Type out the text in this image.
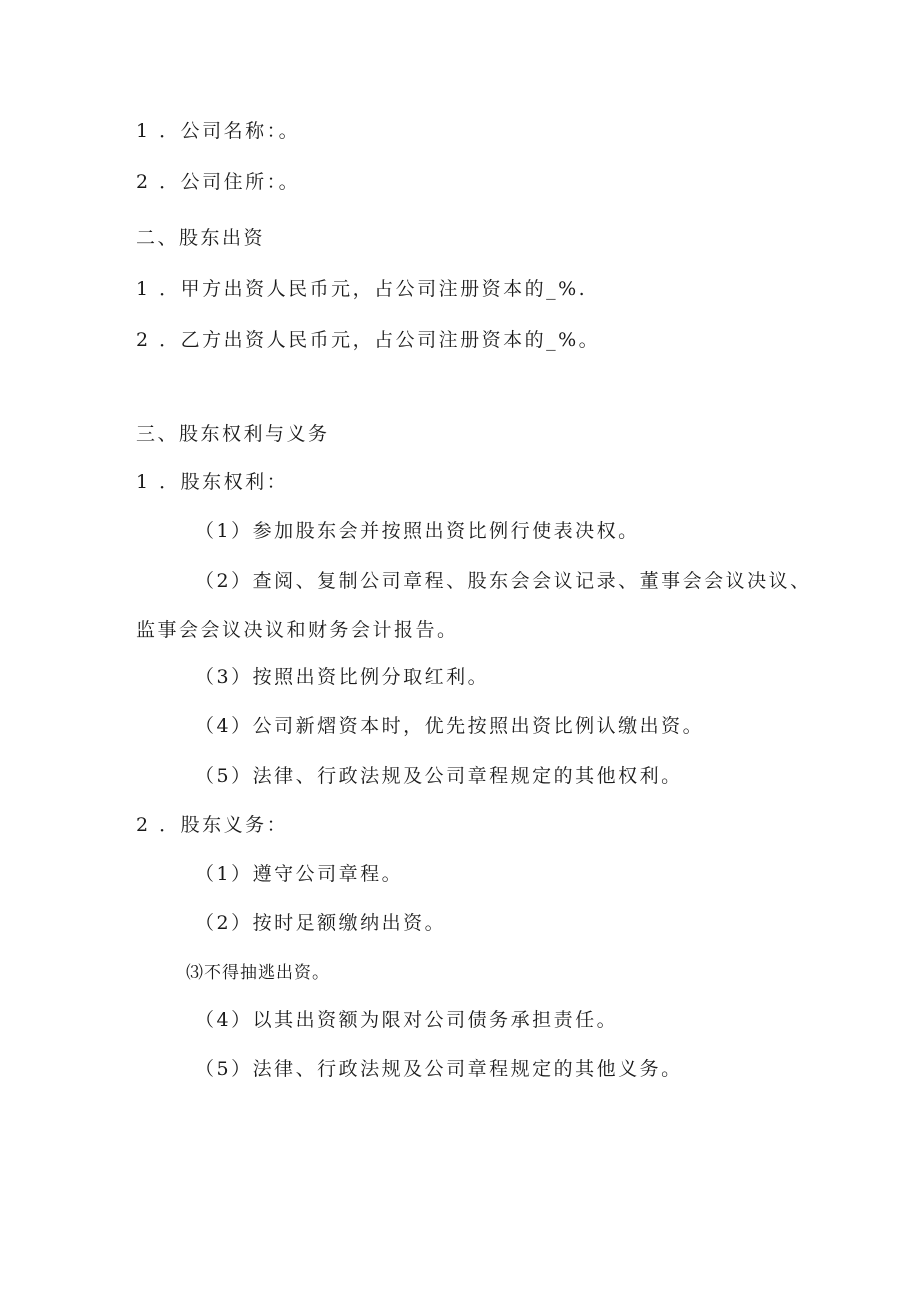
1 ．公司名称：。
2 ．公司住所：。
二、股东出资
1 ．甲方出资人民币元，占公司注册资本的_%.
2 ．乙方出资人民币元，占公司注册资本的_%。
三、股东权利与义务
1 ．股东权利：
（1）参加股东会并按照出资比例行使表决权。
（2）查阅、复制公司章程、股东会会议记录、董事会会议决议、
监事会会议决议和财务会计报告。
（3）按照出资比例分取红利。
（4）公司新熠资本时，优先按照出资比例认缴出资。
（5）法律、行政法规及公司章程规定的其他权利。
2 ．股东义务：
（1）遵守公司章程。
（2）按时足额缴纳出资。
⑶不得抽逃出资。
（4）以其出资额为限对公司债务承担责任。
（5）法律、行政法规及公司章程规定的其他义务。
